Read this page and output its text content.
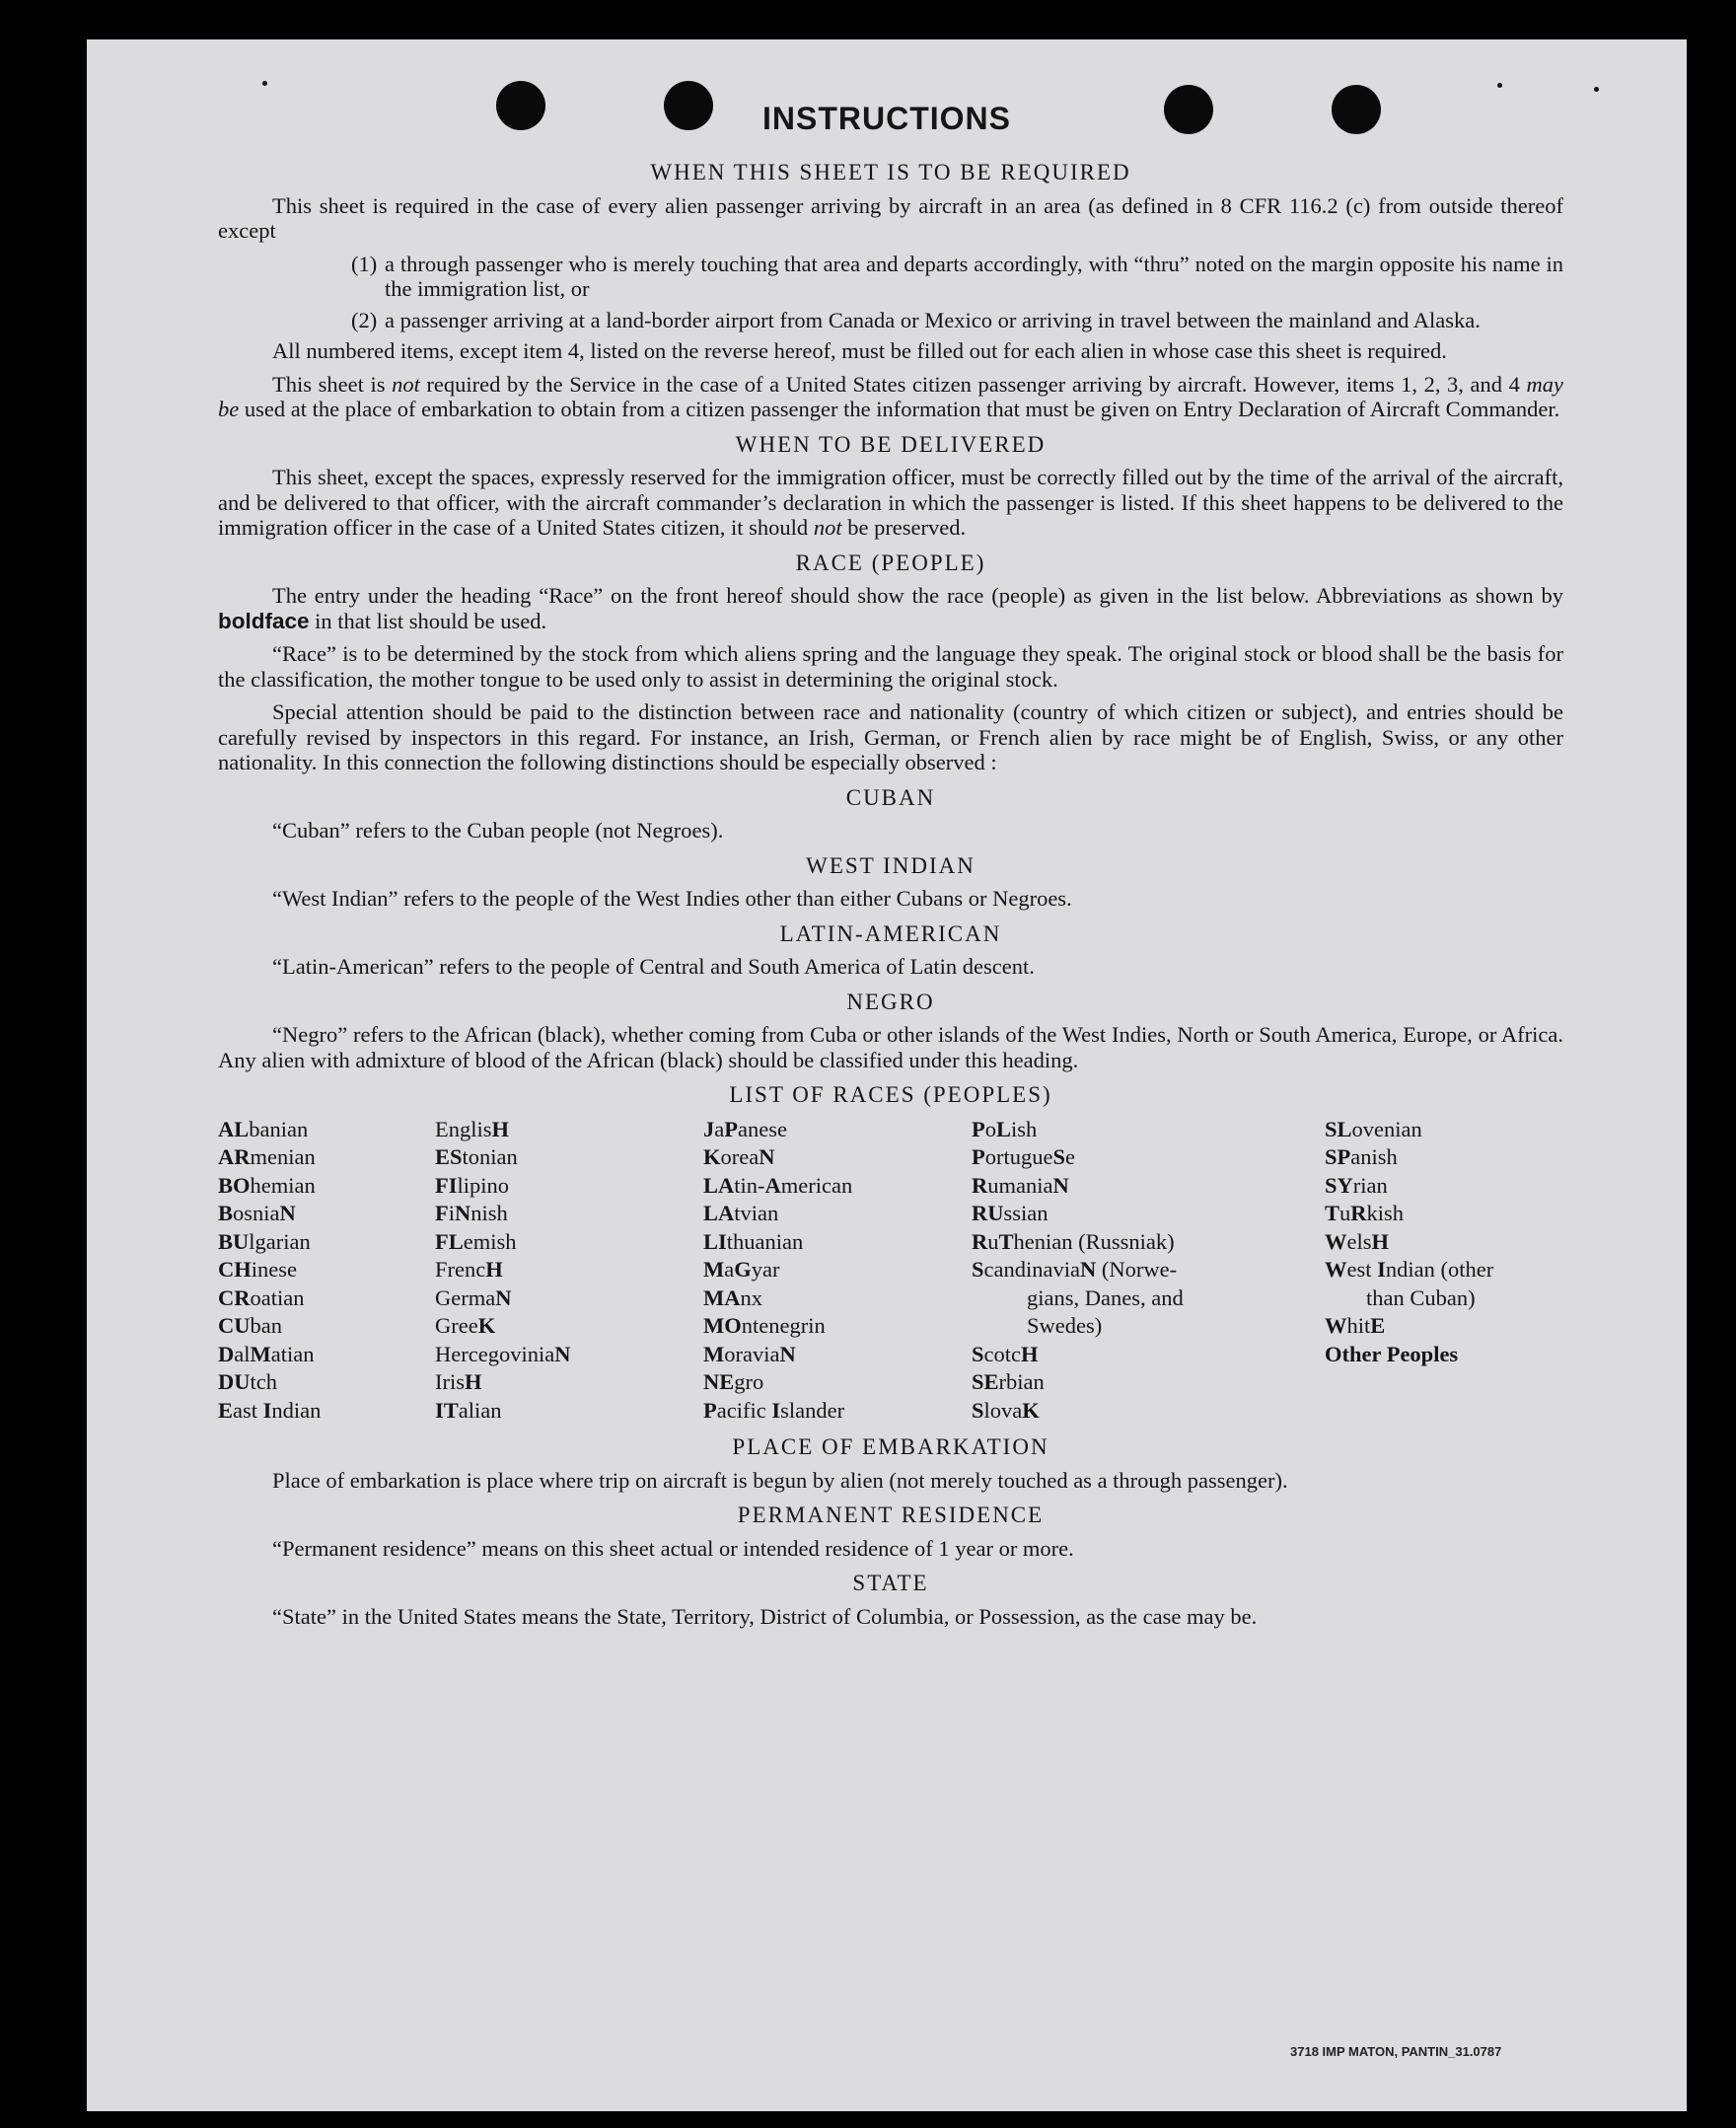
INSTRUCTIONS
WHEN THIS SHEET IS TO BE REQUIRED

This sheet is required in the case of every alien passenger arriving by aircraft in an area (as defined in 8 CFR 116.2 (c) from outside thereof except

(1) a through passenger who is merely touching that area and departs accordingly, with “thru” noted on the margin opposite his name in the immigration list, or
(2) a passenger arriving at a land-border airport from Canada or Mexico or arriving in travel between the mainland and Alaska.

All numbered items, except item 4, listed on the reverse hereof, must be filled out for each alien in whose case this sheet is required.

This sheet is not required by the Service in the case of a United States citizen passenger arriving by aircraft. However, items 1, 2, 3, and 4 may be used at the place of embarkation to obtain from a citizen passenger the information that must be given on Entry Declaration of Aircraft Commander.

WHEN TO BE DELIVERED

This sheet, except the spaces, expressly reserved for the immigration officer, must be correctly filled out by the time of the arrival of the aircraft, and be delivered to that officer, with the aircraft commander’s declaration in which the passenger is listed. If this sheet happens to be delivered to the immigration officer in the case of a United States citizen, it should not be preserved.

RACE (PEOPLE)

The entry under the heading “Race” on the front hereof should show the race (people) as given in the list below. Abbreviations as shown by boldface in that list should be used.

“Race” is to be determined by the stock from which aliens spring and the language they speak. The original stock or blood shall be the basis for the classification, the mother tongue to be used only to assist in determining the original stock.

Special attention should be paid to the distinction between race and nationality (country of which citizen or subject), and entries should be carefully revised by inspectors in this regard. For instance, an Irish, German, or French alien by race might be of English, Swiss, or any other nationality. In this connection the following distinctions should be especially observed :

CUBAN

“Cuban” refers to the Cuban people (not Negroes).

WEST INDIAN

“West Indian” refers to the people of the West Indies other than either Cubans or Negroes.

LATIN-AMERICAN

“Latin-American” refers to the people of Central and South America of Latin descent.

NEGRO

“Negro” refers to the African (black), whether coming from Cuba or other islands of the West Indies, North or South America, Europe, or Africa. Any alien with admixture of blood of the African (black) should be classified under this heading.

LIST OF RACES (PEOPLES)
ALbanian
ARmenian
BOhemian
BosniaN
BUlgarian
CHinese
CRoatian
CUban
DalMatian
DUtch
East Indian
EnglisH
EStonian
FIlipino
FiNnish
FLemish
FrencH
GermaN
GreeK
HercegoviniaN
IrisH
ITalian
JaPanese
KoreaN
LAtin-American
LAtvian
LIthuanian
MaGyar
MAnx
MOntenegrin
MoraviaN
NEgro
Pacific Islander
PoLish
PortugueSe
RumaniaN
RUssian
RuThenian (Russniak)
ScandinaviaN (Norwe-
gians, Danes, and
Swedes)
ScotcH
SErbian
SlovaK
SLovenian
SPanish
SYrian
TuRkish
WelsH
West Indian (other
than Cuban)
WhitE
Other Peoples
PLACE OF EMBARKATION

Place of embarkation is place where trip on aircraft is begun by alien (not merely touched as a through passenger).

PERMANENT RESIDENCE

“Permanent residence” means on this sheet actual or intended residence of 1 year or more.

STATE

“State” in the United States means the State, Territory, District of Columbia, or Possession, as the case may be.

3718 IMP MATON, PANTIN_31.0787
